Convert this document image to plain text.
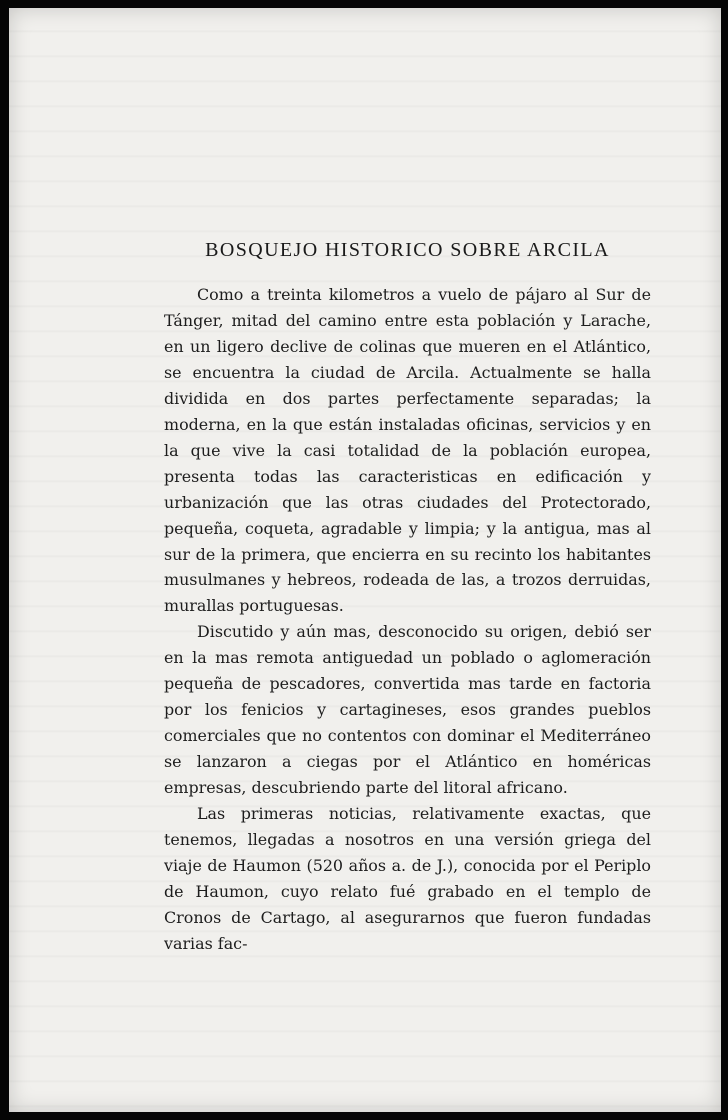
BOSQUEJO HISTORICO SOBRE ARCILA

Como a treinta kilometros a vuelo de pájaro al Sur de Tánger, mitad del camino entre esta población y Larache, en un ligero declive de colinas que mueren en el Atlántico, se encuentra la ciudad de Arcila. Actualmente se halla dividida en dos partes perfectamente separadas; la moderna, en la que están instaladas oficinas, servicios y en la que vive la casi totalidad de la población europea, presenta todas las caracteristicas en edificación y urbanización que las otras ciudades del Protectorado, pequeña, coqueta, agradable y limpia; y la antigua, mas al sur de la primera, que encierra en su recinto los habitantes musulmanes y hebreos, rodeada de las, a trozos derruidas, murallas portuguesas.

Discutido y aún mas, desconocido su origen, debió ser en la mas remota antiguedad un poblado o aglomeración pequeña de pescadores, convertida mas tarde en factoria por los fenicios y cartagineses, esos grandes pueblos comerciales que no contentos con dominar el Mediterráneo se lanzaron a ciegas por el Atlántico en homéricas empresas, descubriendo parte del litoral africano.

Las primeras noticias, relativamente exactas, que tenemos, llegadas a nosotros en una versión griega del viaje de Haumon (520 años a. de J.), conocida por el Periplo de Haumon, cuyo relato fué grabado en el templo de Cronos de Cartago, al asegurarnos que fueron fundadas varias fac-
